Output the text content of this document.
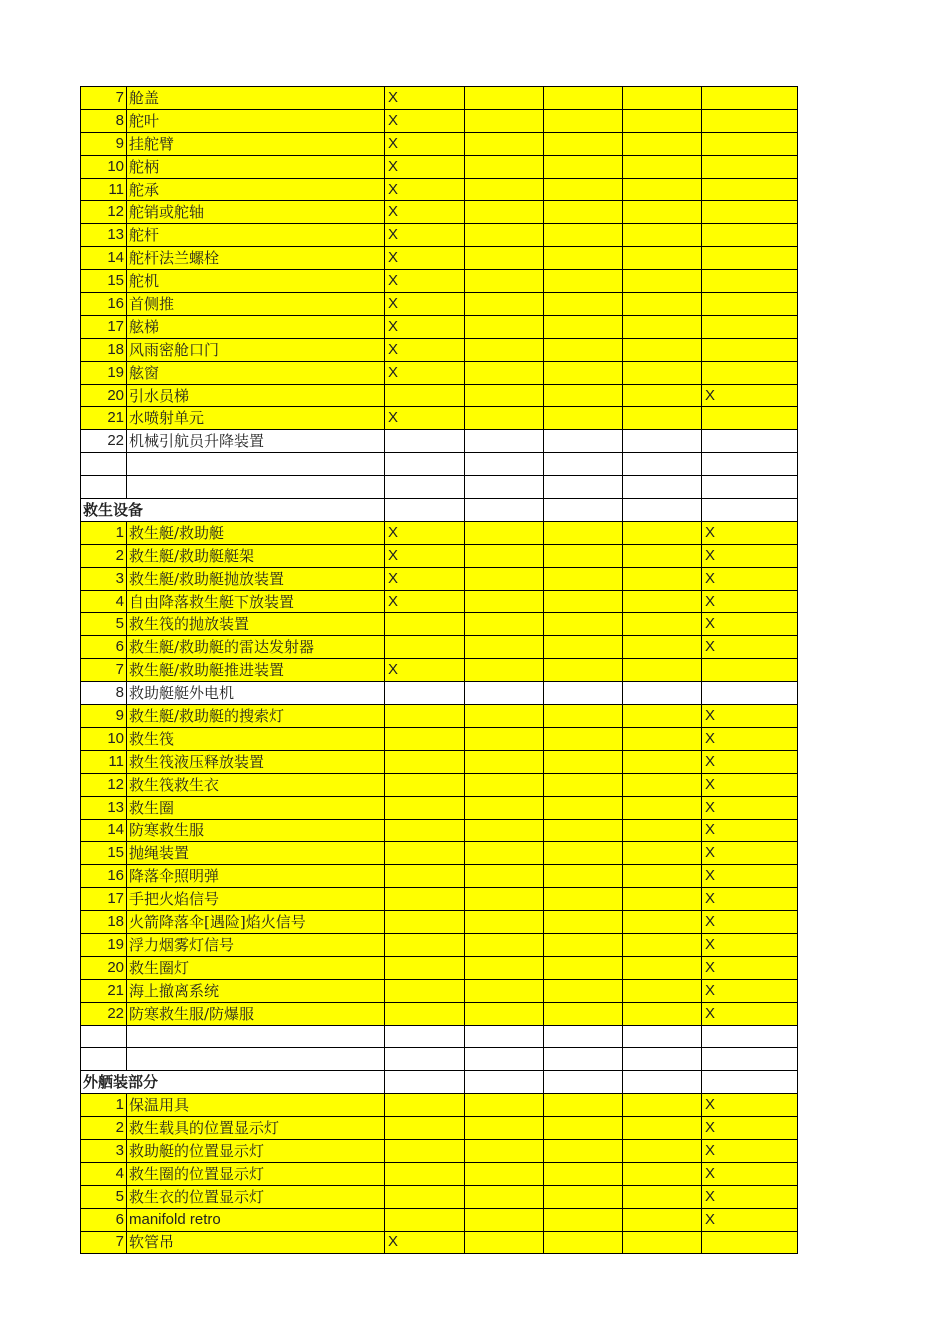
7	舱盖	X				
8	舵叶	X				
9	挂舵臂	X				
10	舵柄	X				
11	舵承	X				
12	舵销或舵轴	X				
13	舵杆	X				
14	舵杆法兰螺栓	X				
15	舵机	X				
16	首侧推	X				
17	舷梯	X				
18	风雨密舱口门	X				
19	舷窗	X				
20	引水员梯					X
21	水喷射单元	X				
22	机械引航员升降装置					

救生设备						
1	救生艇/救助艇	X				X
2	救生艇/救助艇艇架	X				X
3	救生艇/救助艇抛放装置	X				X
4	自由降落救生艇下放装置	X				X
5	救生筏的抛放装置					X
6	救生艇/救助艇的雷达发射器					X
7	救生艇/救助艇推进装置	X				
8	救助艇艇外电机					
9	救生艇/救助艇的搜索灯					X
10	救生筏					X
11	救生筏液压释放装置					X
12	救生筏救生衣					X
13	救生圈					X
14	防寒救生服					X
15	抛绳装置					X
16	降落伞照明弹					X
17	手把火焰信号					X
18	火箭降落伞[遇险]焰火信号					X
19	浮力烟雾灯信号					X
20	救生圈灯					X
21	海上撤离系统					X
22	防寒救生服/防爆服					X

外舾装部分						
1	保温用具					X
2	救生载具的位置显示灯					X
3	救助艇的位置显示灯					X
4	救生圈的位置显示灯					X
5	救生衣的位置显示灯					X
6	manifold retro					X
7	软管吊	X				
